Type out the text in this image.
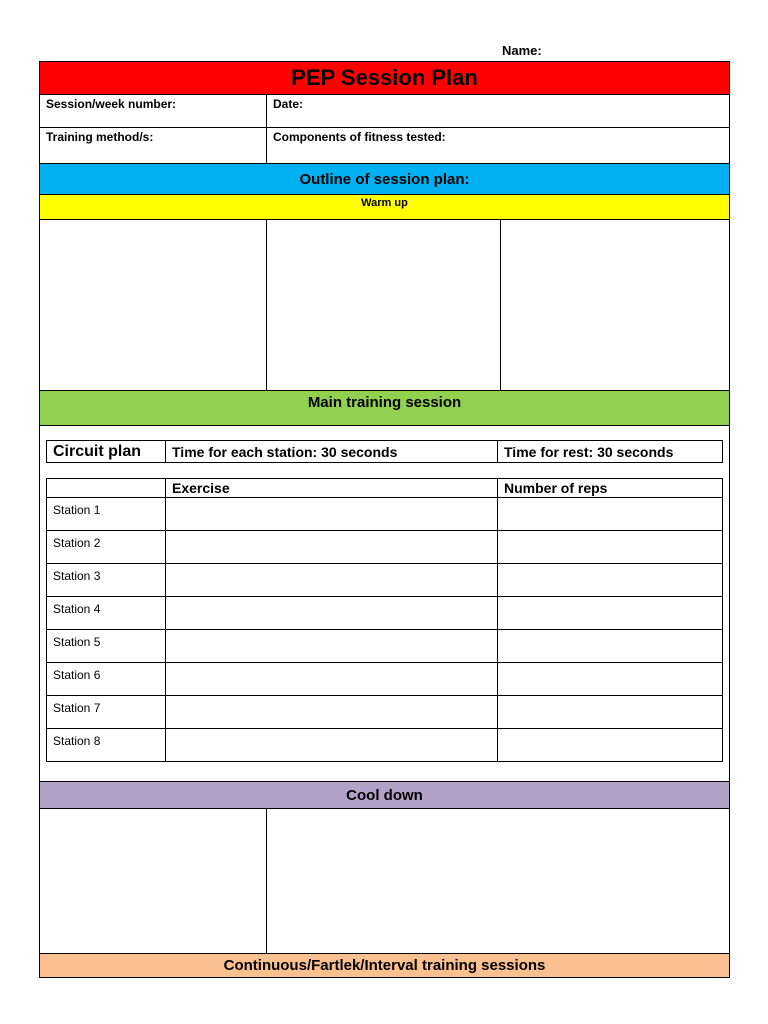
Name:
PEP Session Plan
Session/week number:	Date:
Training method/s:	Components of fitness tested:
Outline of session plan:
Warm up
Main training session
Circuit plan	Time for each station: 30 seconds	Time for rest: 30 seconds
	Exercise	Number of reps
Station 1		
Station 2		
Station 3		
Station 4		
Station 5		
Station 6		
Station 7		
Station 8		
Cool down
Continuous/Fartlek/Interval training sessions
